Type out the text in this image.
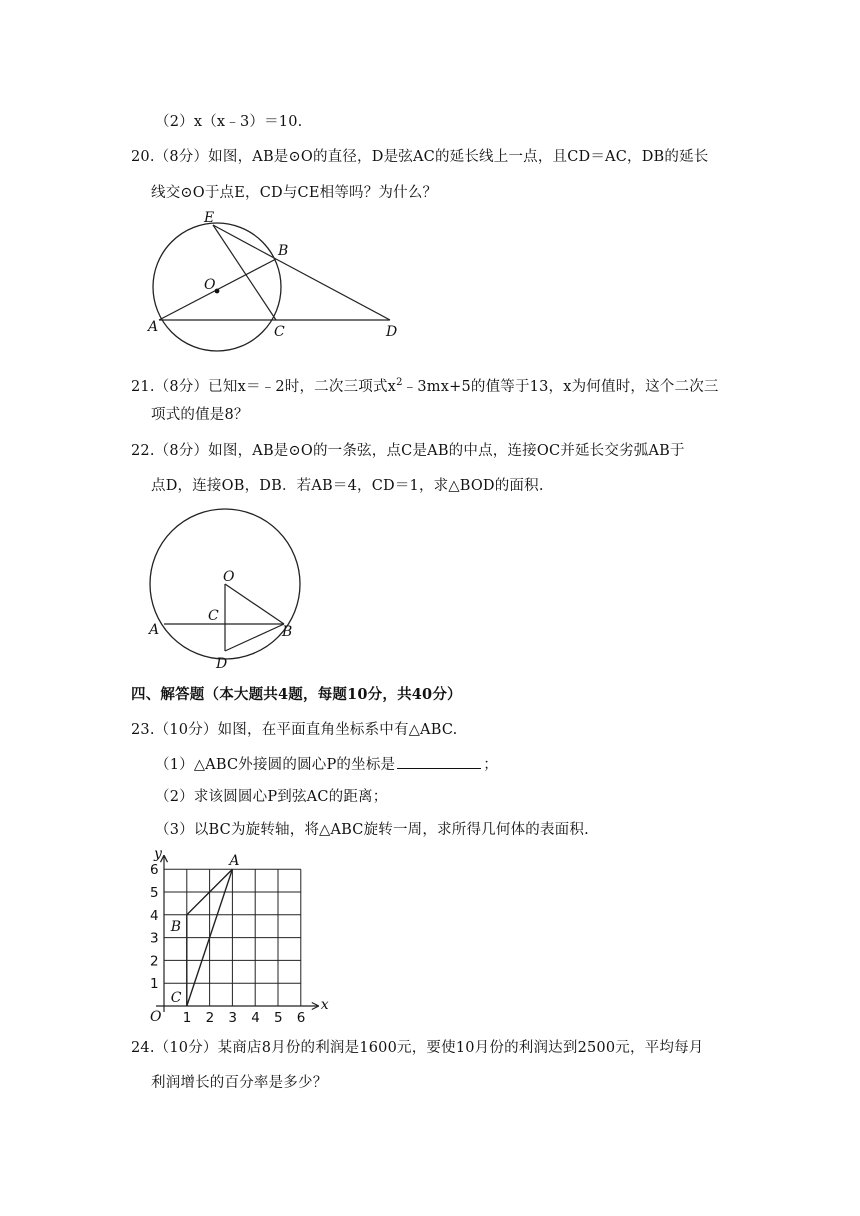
（2）x（x﹣3）＝10.
20.（8分）如图，AB是⊙O的直径，D是弦AC的延长线上一点，且CD＝AC，DB的延长
线交⊙O于点E，CD与CE相等吗？为什么？
E
B
O
A	C	D
21.（8分）已知x＝﹣2时，二次三项式$x^2﹣3mx+5$的值等于13，x为何值时，这个二次三
项式的值是8？
22.（8分）如图，AB是⊙O的一条弦，点C是AB的中点，连接OC并延长交劣弧AB于
点D，连接OB，DB．若AB＝4，CD＝1，求△BOD的面积.
O
C
A	B
D
四、解答题（本大题共4题，每题10分，共40分）
23.（10分）如图，在平面直角坐标系中有△ABC.
（1）△ABC外接圆的圆心P的坐标是	；
（2）求该圆圆心P到弦AC的距离；
（3）以BC为旋转轴，将△ABC旋转一周，求所得几何体的表面积.
x
y
O 1 2 3 4 5 6
1
2
3
4
5
6
A
B
C
24.（10分）某商店8月份的利润是1600元，要使10月份的利润达到2500元，平均每月
利润增长的百分率是多少？
